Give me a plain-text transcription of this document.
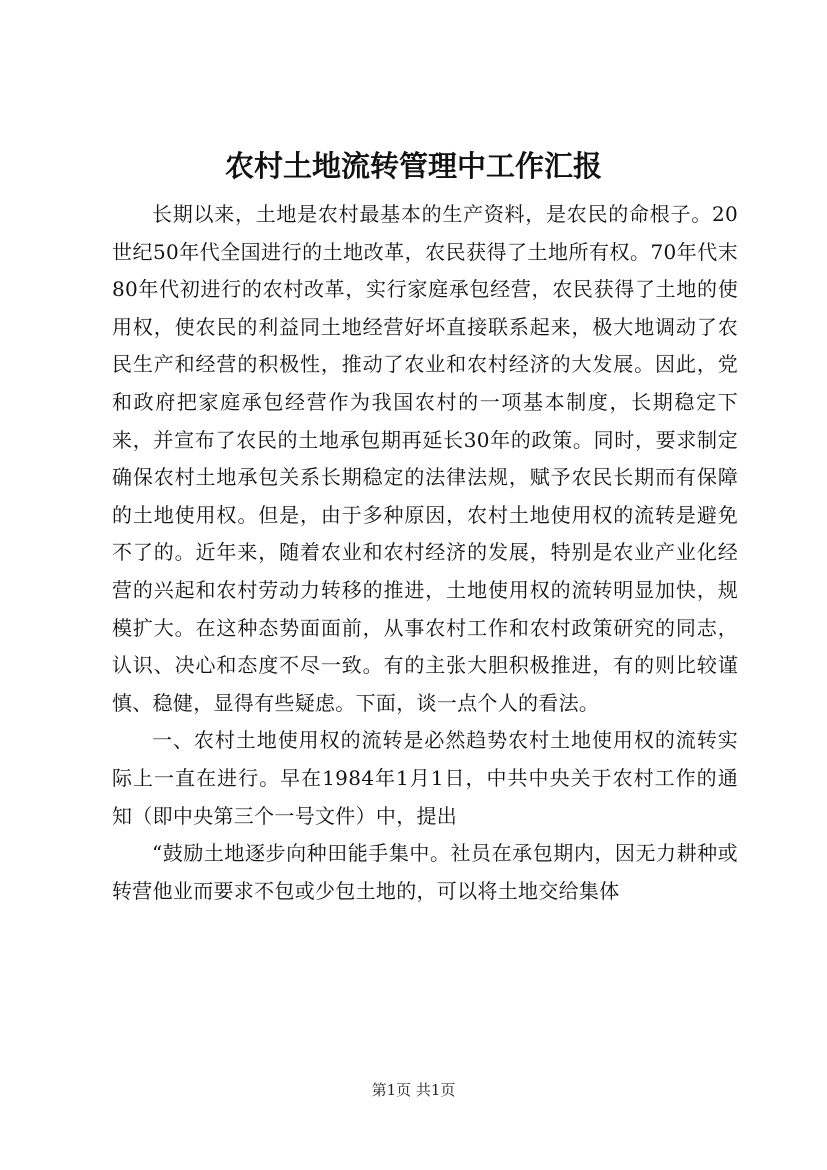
农村土地流转管理中工作汇报

长期以来，土地是农村最基本的生产资料，是农民的命根子。20世纪50年代全国进行的土地改革，农民获得了土地所有权。70年代末80年代初进行的农村改革，实行家庭承包经营，农民获得了土地的使用权，使农民的利益同土地经营好坏直接联系起来，极大地调动了农民生产和经营的积极性，推动了农业和农村经济的大发展。因此，党和政府把家庭承包经营作为我国农村的一项基本制度，长期稳定下来，并宣布了农民的土地承包期再延长30年的政策。同时，要求制定确保农村土地承包关系长期稳定的法律法规，赋予农民长期而有保障的土地使用权。但是，由于多种原因，农村土地使用权的流转是避免不了的。近年来，随着农业和农村经济的发展，特别是农业产业化经营的兴起和农村劳动力转移的推进，土地使用权的流转明显加快，规模扩大。在这种态势面面前，从事农村工作和农村政策研究的同志，认识、决心和态度不尽一致。有的主张大胆积极推进，有的则比较谨慎、稳健，显得有些疑虑。下面，谈一点个人的看法。

一、农村土地使用权的流转是必然趋势农村土地使用权的流转实际上一直在进行。早在1984年1月1日，中共中央关于农村工作的通知（即中央第三个一号文件）中，提出

“鼓励土地逐步向种田能手集中。社员在承包期内，因无力耕种或转营他业而要求不包或少包土地的，可以将土地交给集体

第1页 共1页
